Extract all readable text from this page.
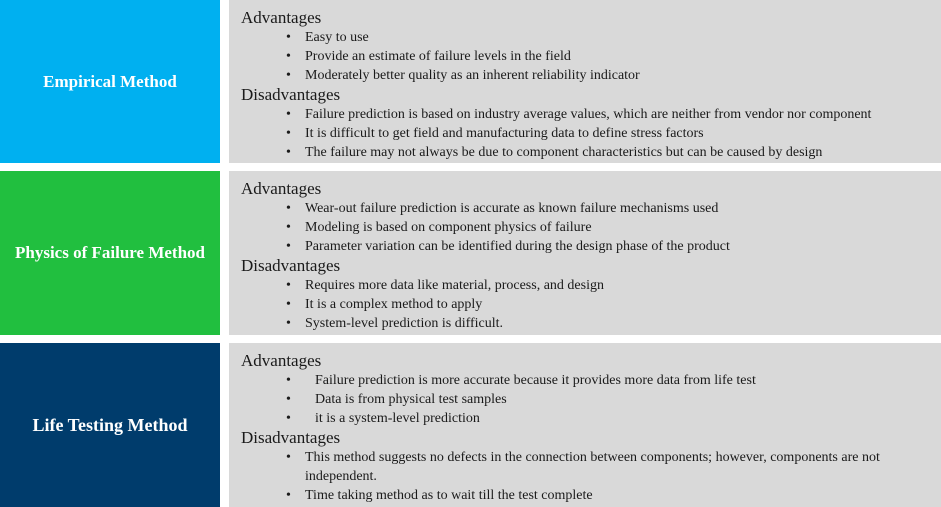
Empirical Method

Advantages

• Easy to use
• Provide an estimate of failure levels in the field
• Moderately better quality as an inherent reliability indicator

Disadvantages

• Failure prediction is based on industry average values, which are neither from vendor nor component
• It is difficult to get field and manufacturing data to define stress factors
• The failure may not always be due to component characteristics but can be caused by design
Physics of Failure Method

Advantages

• Wear-out failure prediction is accurate as known failure mechanisms used
• Modeling is based on component physics of failure
• Parameter variation can be identified during the design phase of the product

Disadvantages

• Requires more data like material, process, and design
• It is a complex method to apply
• System-level prediction is difficult.
Life Testing Method

Advantages

• Failure prediction is more accurate because it provides more data from life test
• Data is from physical test samples
• it is a system-level prediction

Disadvantages

• This method suggests no defects in the connection between components; however, components are not independent.
• Time taking method as to wait till the test complete
